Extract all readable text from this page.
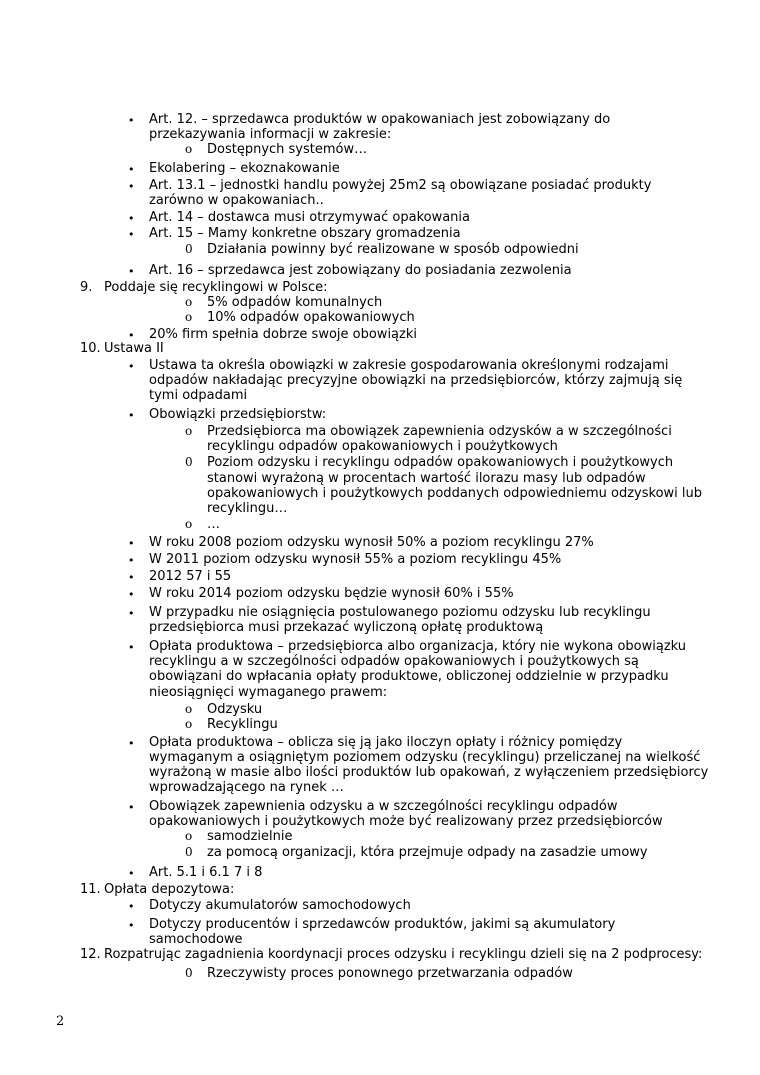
• Art. 12. – sprzedawca produktów w opakowaniach jest zobowiązany do
przekazywania informacji w zakresie:
o Dostępnych systemów…
• Ekolabering – ekoznakowanie
• Art. 13.1 – jednostki handlu powyżej 25m2 są obowiązane posiadać produkty
zarówno w opakowaniach..
• Art. 14 – dostawca musi otrzymywać opakowania
• Art. 15 – Mamy konkretne obszary gromadzenia
0 Działania powinny być realizowane w sposób odpowiedni
• Art. 16 – sprzedawca jest zobowiązany do posiadania zezwolenia
9. Poddaje się recyklingowi w Polsce:
o 5% odpadów komunalnych
o 10% odpadów opakowaniowych
• 20% firm spełnia dobrze swoje obowiązki
10. Ustawa II
• Ustawa ta określa obowiązki w zakresie gospodarowania określonymi rodzajami
odpadów nakładając precyzyjne obowiązki na przedsiębiorców, którzy zajmują się
tymi odpadami
• Obowiązki przedsiębiorstw:
o Przedsiębiorca ma obowiązek zapewnienia odzysków a w szczególności
recyklingu odpadów opakowaniowych i poużytkowych
0 Poziom odzysku i recyklingu odpadów opakowaniowych i poużytkowych
stanowi wyrażoną w procentach wartość ilorazu masy lub odpadów
opakowaniowych i poużytkowych poddanych odpowiedniemu odzyskowi lub
recyklingu…
o …
• W roku 2008 poziom odzysku wynosił 50% a poziom recyklingu 27%
• W 2011 poziom odzysku wynosił 55% a poziom recyklingu 45%
• 2012 57 i 55
• W roku 2014 poziom odzysku będzie wynosił 60% i 55%
• W przypadku nie osiągnięcia postulowanego poziomu odzysku lub recyklingu
przedsiębiorca musi przekazać wyliczoną opłatę produktową
• Opłata produktowa – przedsiębiorca albo organizacja, który nie wykona obowiązku
recyklingu a w szczególności odpadów opakowaniowych i poużytkowych są
obowiązani do wpłacania opłaty produktowe, obliczonej oddzielnie w przypadku
nieosiągnięci wymaganego prawem:
o Odzysku
o Recyklingu
• Opłata produktowa – oblicza się ją jako iloczyn opłaty i różnicy pomiędzy
wymaganym a osiągniętym poziomem odzysku (recyklingu) przeliczanej na wielkość
wyrażoną w masie albo ilości produktów lub opakowań, z wyłączeniem przedsiębiorcy
wprowadzającego na rynek …
• Obowiązek zapewnienia odzysku a w szczególności recyklingu odpadów
opakowaniowych i poużytkowych może być realizowany przez przedsiębiorców
o samodzielnie
0 za pomocą organizacji, która przejmuje odpady na zasadzie umowy
• Art. 5.1 i 6.1 7 i 8
11. Opłata depozytowa:
• Dotyczy akumulatorów samochodowych
• Dotyczy producentów i sprzedawców produktów, jakimi są akumulatory
samochodowe
12. Rozpatrując zagadnienia koordynacji proces odzysku i recyklingu dzieli się na 2 podprocesy:
0 Rzeczywisty proces ponownego przetwarzania odpadów
2
